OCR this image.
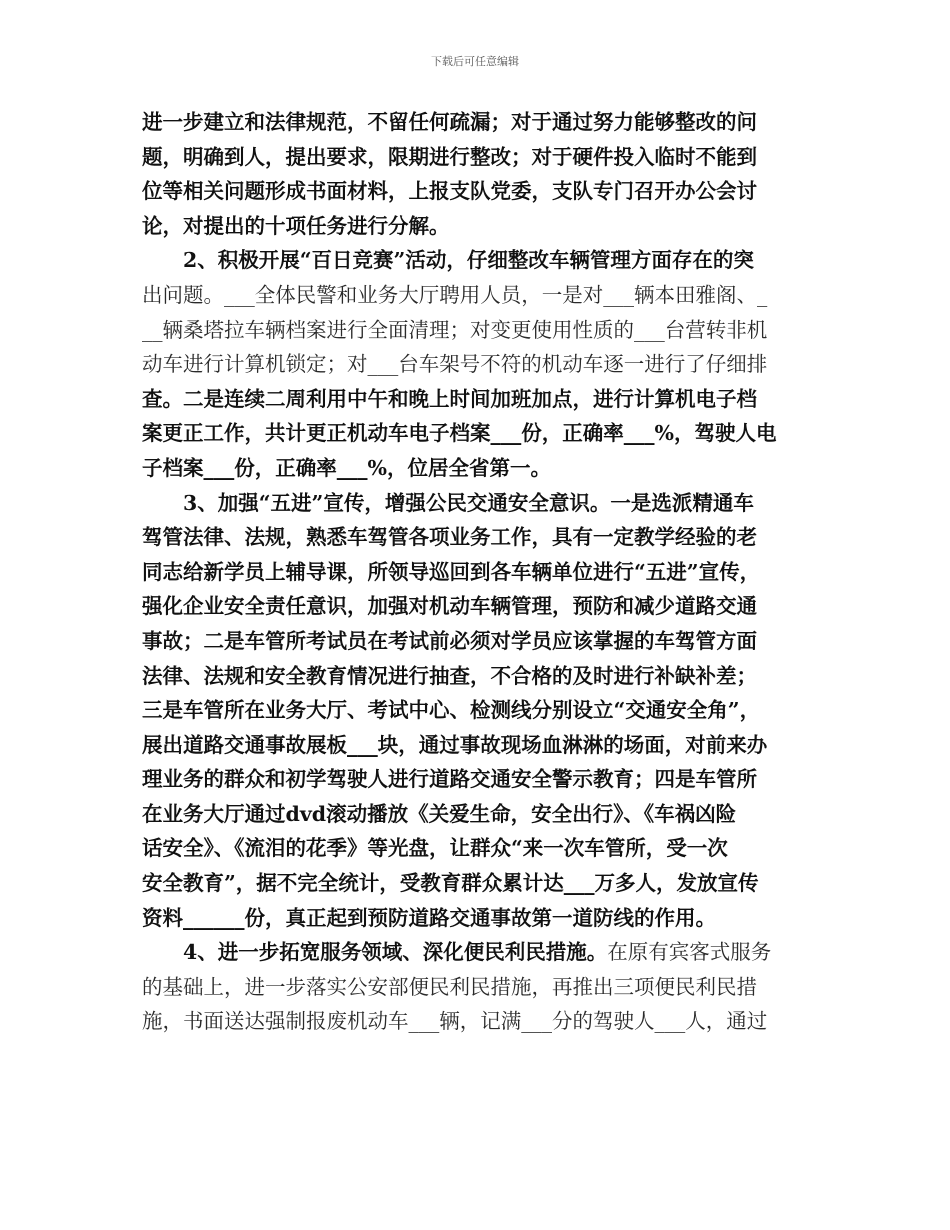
下载后可任意编辑
进一步建立和法律规范，不留任何疏漏；对于通过努力能够整改的问
题，明确到人，提出要求，限期进行整改；对于硬件投入临时不能到
位等相关问题形成书面材料，上报支队党委，支队专门召开办公会讨
论，对提出的十项任务进行分解。
2、积极开展“百日竞赛”活动，仔细整改车辆管理方面存在的突
出问题。___全体民警和业务大厅聘用人员，一是对___辆本田雅阁、_
__辆桑塔拉车辆档案进行全面清理；对变更使用性质的___台营转非机
动车进行计算机锁定；对___台车架号不符的机动车逐一进行了仔细排
查。二是连续二周利用中午和晚上时间加班加点，进行计算机电子档
案更正工作，共计更正机动车电子档案___份，正确率___%，驾驶人电
子档案___份，正确率___%，位居全省第一。
3、加强“五进”宣传，增强公民交通安全意识。一是选派精通车
驾管法律、法规，熟悉车驾管各项业务工作，具有一定教学经验的老
同志给新学员上辅导课，所领导巡回到各车辆单位进行“五进”宣传，
强化企业安全责任意识，加强对机动车辆管理，预防和减少道路交通
事故；二是车管所考试员在考试前必须对学员应该掌握的车驾管方面
法律、法规和安全教育情况进行抽查，不合格的及时进行补缺补差；
三是车管所在业务大厅、考试中心、检测线分别设立“交通安全角”，
展出道路交通事故展板___块，通过事故现场血淋淋的场面，对前来办
理业务的群众和初学驾驶人进行道路交通安全警示教育；四是车管所
在业务大厅通过dvd滚动播放《关爱生命，安全出行》、《车祸凶险
话安全》、《流泪的花季》等光盘，让群众“来一次车管所，受一次
安全教育”，据不完全统计，受教育群众累计达___万多人，发放宣传
资料______份，真正起到预防道路交通事故第一道防线的作用。
4、进一步拓宽服务领域、深化便民利民措施。在原有宾客式服务
的基础上，进一步落实公安部便民利民措施，再推出三项便民利民措
施，书面送达强制报废机动车___辆，记满___分的驾驶人___人，通过
